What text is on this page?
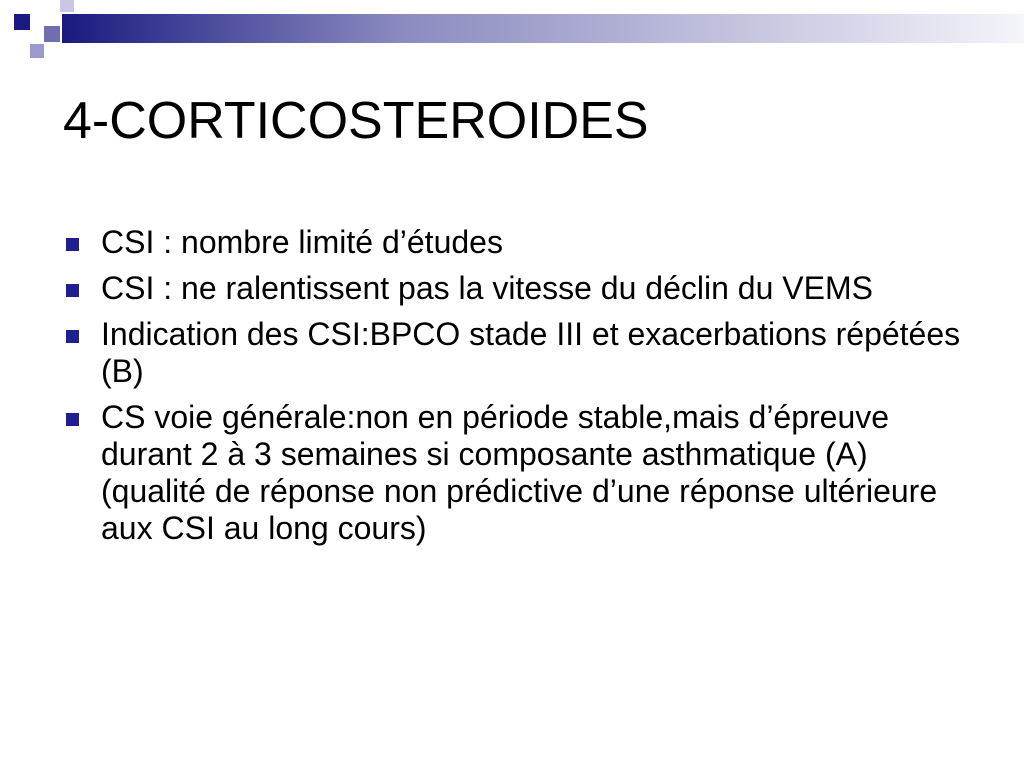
4-CORTICOSTEROIDES
CSI : nombre limité d’études
CSI : ne ralentissent pas la vitesse du déclin du VEMS
Indication des CSI:BPCO stade III et exacerbations répétées (B)
CS voie générale:non en période stable,mais d’épreuve durant 2 à 3 semaines si composante asthmatique (A)(qualité de réponse non prédictive d’une réponse ultérieure aux CSI au long cours)
